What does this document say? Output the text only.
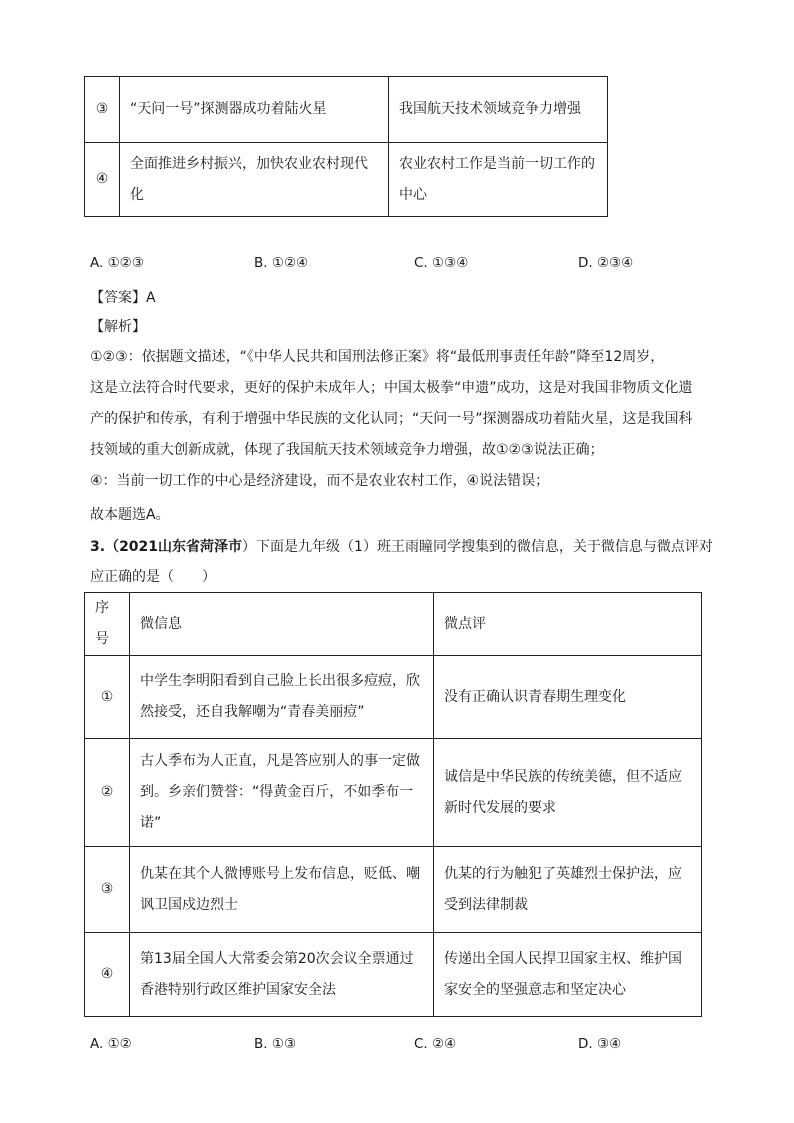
③	“天问一号”探测器成功着陆火星	我国航天技术领域竞争力增强
④	全面推进乡村振兴，加快农业农村现代化	农业农村工作是当前一切工作的中心
A. ①②③	B. ①②④	C. ①③④	D. ②③④
【答案】A
【解析】
①②③：依据题文描述，“《中华人民共和国刑法修正案》将“最低刑事责任年龄”降至12周岁，
这是立法符合时代要求，更好的保护未成年人；中国太极拳“申遗”成功，这是对我国非物质文化遗
产的保护和传承，有利于增强中华民族的文化认同；“天问一号”探测器成功着陆火星，这是我国科
技领域的重大创新成就，体现了我国航天技术领域竞争力增强，故①②③说法正确；
④：当前一切工作的中心是经济建设，而不是农业农村工作，④说法错误；
故本题选A。
3.（2021山东省菏泽市）下面是九年级（1）班王雨瞳同学搜集到的微信息，关于微信息与微点评对
应正确的是（　　）
序号	微信息	微点评
①	中学生李明阳看到自己脸上长出很多痘痘，欣然接受，还自我解嘲为“青春美丽痘”	没有正确认识青春期生理变化
②	古人季布为人正直，凡是答应别人的事一定做到。乡亲们赞誉：“得黄金百斤，不如季布一诺”	诚信是中华民族的传统美德，但不适应新时代发展的要求
③	仇某在其个人微博账号上发布信息，贬低、嘲讽卫国戍边烈士	仇某的行为触犯了英雄烈士保护法，应受到法律制裁
④	第13届全国人大常委会第20次会议全票通过香港特别行政区维护国家安全法	传递出全国人民捍卫国家主权、维护国家安全的坚强意志和坚定决心
A. ①②	B. ①③	C. ②④	D. ③④
